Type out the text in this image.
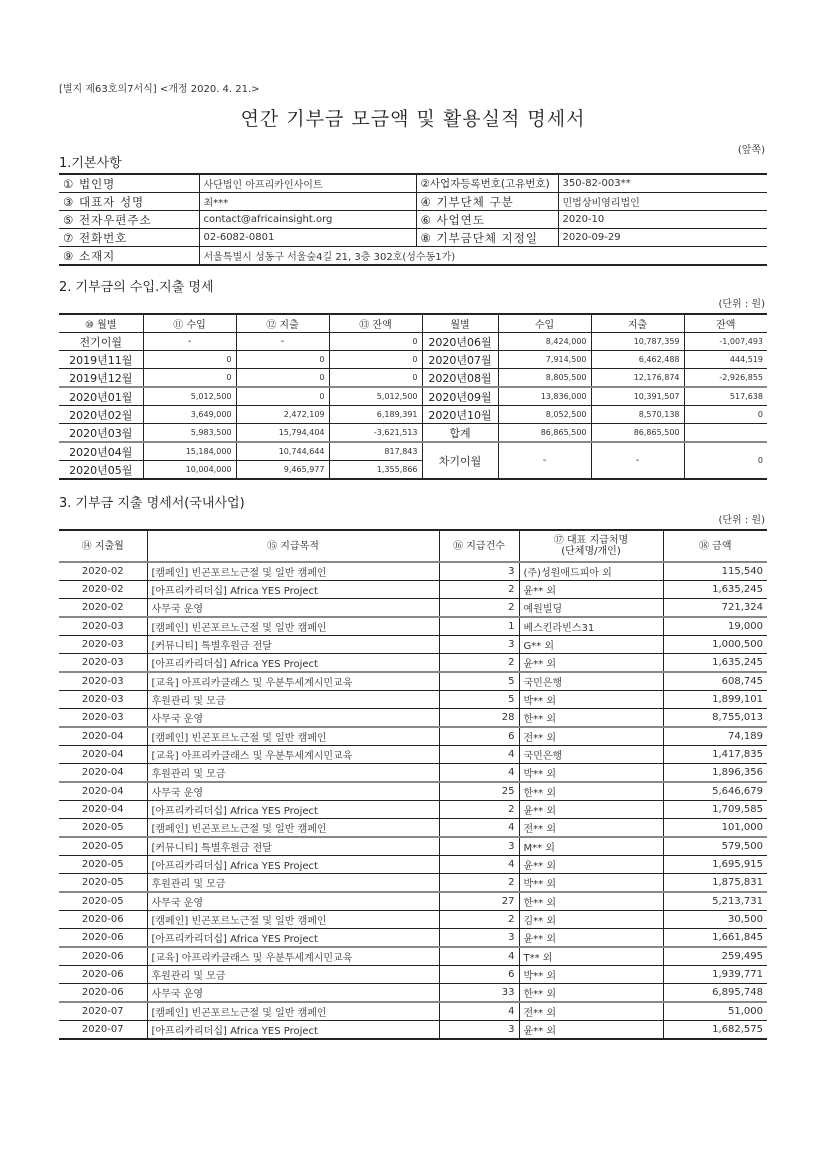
[별지 제63호의7서식] <개정 2020. 4. 21.>
연간 기부금 모금액 및 활용실적 명세서
(앞쪽)
1.기본사항
① 법인명	사단법인 아프리카인사이트	②사업자등록번호(고유번호)	350-82-003**
③ 대표자 성명	최***	④ 기부단체 구분	민법상비영리법인
⑤ 전자우편주소	contact@africainsight.org	⑥ 사업연도	2020-10
⑦ 전화번호	02-6082-0801	⑧ 기부금단체 지정일	2020-09-29
⑨ 소재지	서울특별시 성동구 서울숲4길 21, 3층 302호(성수동1가)		
2. 기부금의 수입.지출 명세
(단위 : 원)
⑩ 월별	⑪ 수입	⑫ 지출	⑬ 잔액	월별	수입	지출	잔액
전기이월	-	-	0	2020년06월	8,424,000	10,787,359	-1,007,493
2019년11월	0	0	0	2020년07월	7,914,500	6,462,488	444,519
2019년12월	0	0	0	2020년08월	8,805,500	12,176,874	-2,926,855
2020년01월	5,012,500	0	5,012,500	2020년09월	13,836,000	10,391,507	517,638
2020년02월	3,649,000	2,472,109	6,189,391	2020년10월	8,052,500	8,570,138	0
2020년03월	5,983,500	15,794,404	-3,621,513	합계	86,865,500	86,865,500	
2020년04월	15,184,000	10,744,644	817,843	차기이월	-	-	0
2020년05월	10,004,000	9,465,977	1,355,866				
3. 기부금 지출 명세서(국내사업)
(단위 : 원)
⑭ 지출월	⑮ 지급목적	⑯ 지급건수	⑰ 대표 지급처명
(단체명/개인)	⑱ 금액
2020-02	[캠페인] 빈곤포르노근절 및 일반 캠페인	3	(주)성원애드피아 외	115,540
2020-02	[아프리카리더십] Africa YES Project	2	윤** 외	1,635,245
2020-02	사무국 운영	2	예원빌딩	721,324
2020-03	[캠페인] 빈곤포르노근절 및 일반 캠페인	1	베스킨라빈스31	19,000
2020-03	[커뮤니티] 특별후원금 전달	3	G** 외	1,000,500
2020-03	[아프리카리더십] Africa YES Project	2	윤** 외	1,635,245
2020-03	[교육] 아프리카클래스 및 우분투세계시민교육	5	국민은행	608,745
2020-03	후원관리 및 모금	5	박** 외	1,899,101
2020-03	사무국 운영	28	한** 외	8,755,013
2020-04	[캠페인] 빈곤포르노근절 및 일반 캠페인	6	전** 외	74,189
2020-04	[교육] 아프리카클래스 및 우분투세계시민교육	4	국민은행	1,417,835
2020-04	후원관리 및 모금	4	박** 외	1,896,356
2020-04	사무국 운영	25	한** 외	5,646,679
2020-04	[아프리카리더십] Africa YES Project	2	윤** 외	1,709,585
2020-05	[캠페인] 빈곤포르노근절 및 일반 캠페인	4	전** 외	101,000
2020-05	[커뮤니티] 특별후원금 전달	3	M** 외	579,500
2020-05	[아프리카리더십] Africa YES Project	4	윤** 외	1,695,915
2020-05	후원관리 및 모금	2	박** 외	1,875,831
2020-05	사무국 운영	27	한** 외	5,213,731
2020-06	[캠페인] 빈곤포르노근절 및 일반 캠페인	2	김** 외	30,500
2020-06	[아프리카리더십] Africa YES Project	3	윤** 외	1,661,845
2020-06	[교육] 아프리카클래스 및 우분투세계시민교육	4	T** 외	259,495
2020-06	후원관리 및 모금	6	박** 외	1,939,771
2020-06	사무국 운영	33	한** 외	6,895,748
2020-07	[캠페인] 빈곤포르노근절 및 일반 캠페인	4	전** 외	51,000
2020-07	[아프리카리더십] Africa YES Project	3	윤** 외	1,682,575
